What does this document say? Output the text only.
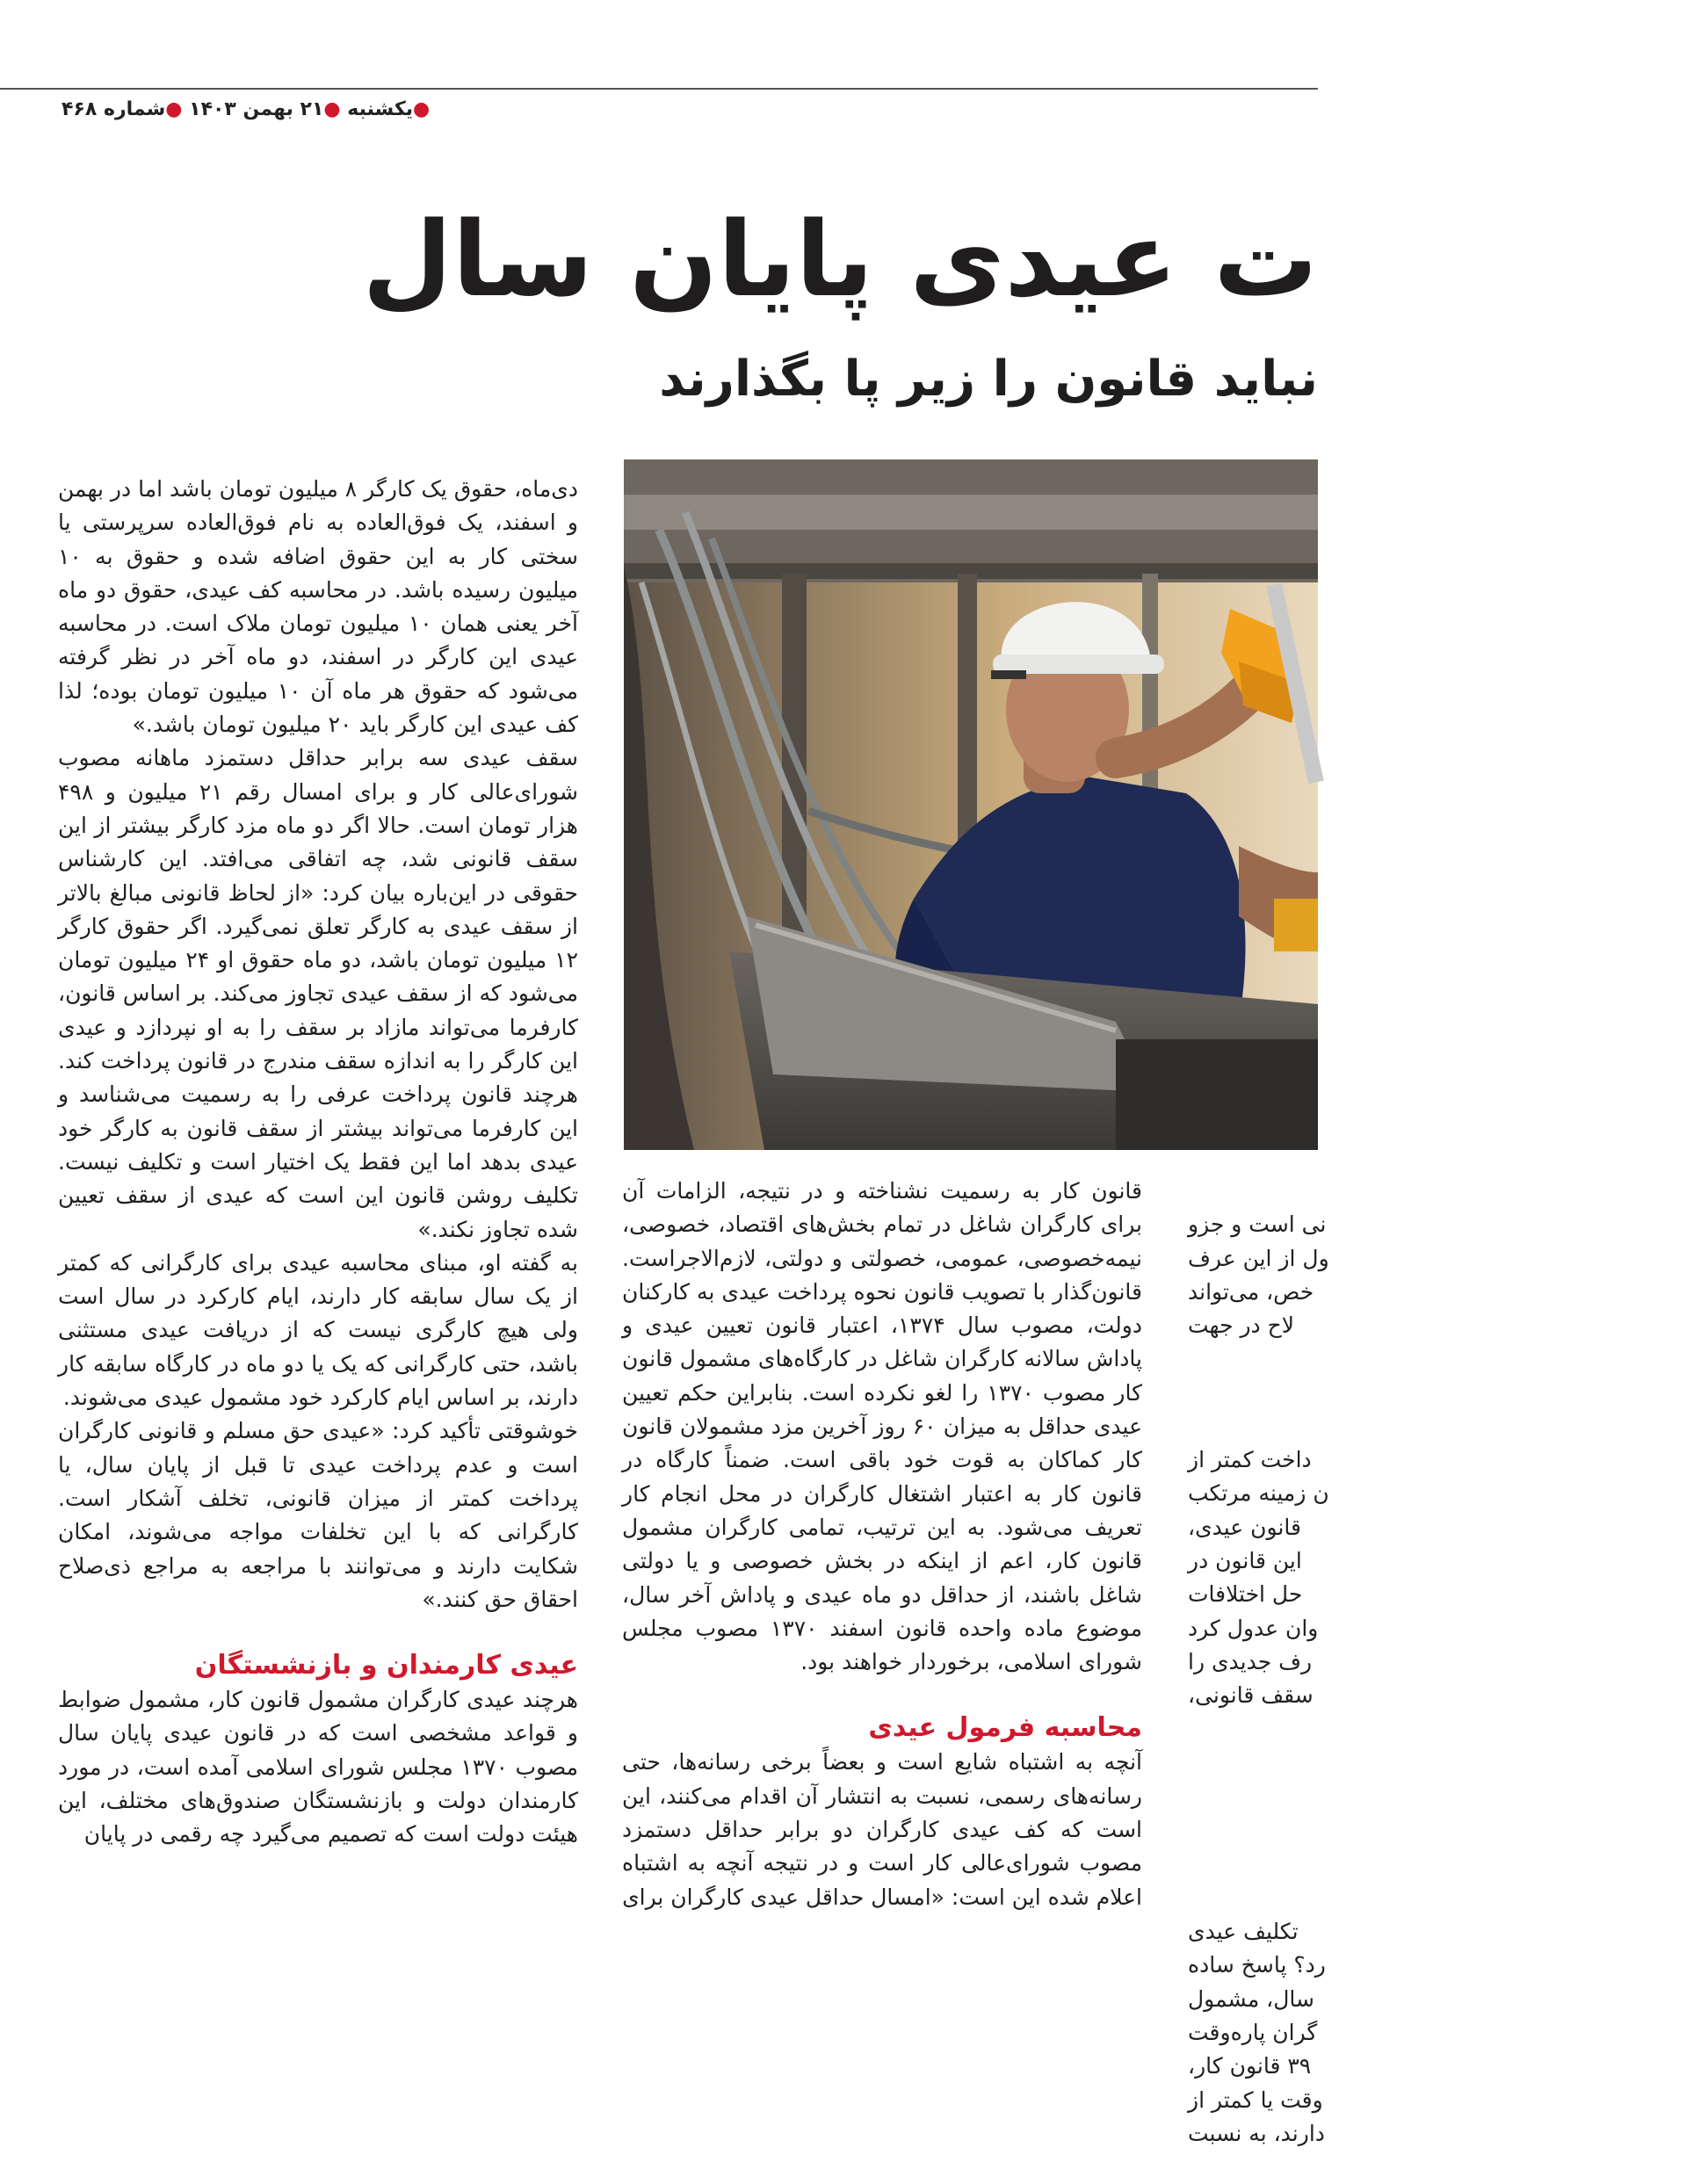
●یکشنبه ●۲۱ بهمن ۱۴۰۳ ●شماره ۴۶۸
ت عیدی پایان سال
نباید قانون را زیر پا بگذارند

دی‌ماه، حقوق یک کارگر ۸ میلیون تومان باشد اما در بهمن و اسفند، یک فوق‌العاده به نام فوق‌العاده سرپرستی یا سختی کار به این حقوق اضافه شده و حقوق به ۱۰ میلیون رسیده باشد. در محاسبه کف عیدی، حقوق دو ماه آخر یعنی همان ۱۰ میلیون تومان ملاک است. در محاسبه عیدی این کارگر در اسفند، دو ماه آخر در نظر گرفته می‌شود که حقوق هر ماه آن ۱۰ میلیون تومان بوده؛ لذا کف عیدی این کارگر باید ۲۰ میلیون تومان باشد.»

سقف عیدی سه برابر حداقل دستمزد ماهانه مصوب شورای‌عالی کار و برای امسال رقم ۲۱ میلیون و ۴۹۸ هزار تومان است. حالا اگر دو ماه مزد کارگر بیشتر از این سقف قانونی شد، چه اتفاقی می‌افتد. این کارشناس حقوقی در این‌باره بیان کرد: «از لحاظ قانونی مبالغ بالاتر از سقف عیدی به کارگر تعلق نمی‌گیرد. اگر حقوق کارگر ۱۲ میلیون تومان باشد، دو ماه حقوق او ۲۴ میلیون تومان می‌شود که از سقف عیدی تجاوز می‌کند. بر اساس قانون، کارفرما می‌تواند مازاد بر سقف را به او نپردازد و عیدی این کارگر را به اندازه سقف مندرج در قانون پرداخت کند. هرچند قانون پرداخت عرفی را به رسمیت می‌شناسد و این کارفرما می‌تواند بیشتر از سقف قانون به کارگر خود عیدی بدهد اما این فقط یک اختیار است و تکلیف نیست. تکلیف روشن قانون این است که عیدی از سقف تعیین شده تجاوز نکند.»

به گفته او، مبنای محاسبه عیدی برای کارگرانی که کمتر از یک سال سابقه کار دارند، ایام کارکرد در سال است ولی هیچ کارگری نیست که از دریافت عیدی مستثنی باشد، حتی کارگرانی که یک یا دو ماه در کارگاه سابقه کار دارند، بر اساس ایام کارکرد خود مشمول عیدی می‌شوند.

خوشوقتی تأکید کرد: «عیدی حق مسلم و قانونی کارگران است و عدم پرداخت عیدی تا قبل از پایان سال، یا پرداخت کمتر از میزان قانونی، تخلف آشکار است. کارگرانی که با این تخلفات مواجه می‌شوند، امکان شکایت دارند و می‌توانند با مراجعه به مراجع ذی‌صلاح احقاق حق کنند.»

عیدی کارمندان و بازنشستگان

هرچند عیدی کارگران مشمول قانون کار، مشمول ضوابط و قواعد مشخصی است که در قانون عیدی پایان سال مصوب ۱۳۷۰ مجلس شورای اسلامی آمده است، در مورد کارمندان دولت و بازنشستگان صندوق‌های مختلف، این هیئت دولت است که تصمیم می‌گیرد چه رقمی در پایان

قانون کار به رسمیت نشناخته و در نتیجه، الزامات آن برای کارگران شاغل در تمام بخش‌های اقتصاد، خصوصی، نیمه‌خصوصی، عمومی، خصولتی و دولتی، لازم‌الاجراست. قانون‌گذار با تصویب قانون نحوه پرداخت عیدی به کارکنان دولت، مصوب سال ۱۳۷۴، اعتبار قانون تعیین عیدی و پاداش سالانه کارگران شاغل در کارگاه‌های مشمول قانون کار مصوب ۱۳۷۰ را لغو نکرده است. بنابراین حکم تعیین عیدی حداقل به میزان ۶۰ روز آخرین مزد مشمولان قانون کار کماکان به قوت خود باقی است. ضمناً کارگاه در قانون کار به اعتبار اشتغال کارگران در محل انجام کار تعریف می‌شود. به این ترتیب، تمامی کارگران مشمول قانون کار، اعم از اینکه در بخش خصوصی و یا دولتی شاغل باشند، از حداقل دو ماه عیدی و پاداش آخر سال، موضوع ماده واحده قانون اسفند ۱۳۷۰ مصوب مجلس شورای اسلامی، برخوردار خواهند بود.

محاسبه فرمول عیدی

آنچه به اشتباه شایع است و بعضاً برخی رسانه‌ها، حتی رسانه‌های رسمی، نسبت به انتشار آن اقدام می‌کنند، این است که کف عیدی کارگران دو برابر حداقل دستمزد مصوب شورای‌عالی کار است و در نتیجه آنچه به اشتباه اعلام شده این است: «امسال حداقل عیدی کارگران برای

نی است و جزو
ول از این عرف
خص، می‌تواند
لاح در جهت

داخت کمتر از
ن زمینه مرتکب
قانون عیدی،
این قانون در
حل اختلافات
وان عدول کرد
رف جدیدی را
سقف قانونی،

تکلیف عیدی
رد؟ پاسخ ساده
سال، مشمول
گران پاره‌وقت
۳۹ قانون کار،
وقت یا کمتر از
دارند، به نسبت
